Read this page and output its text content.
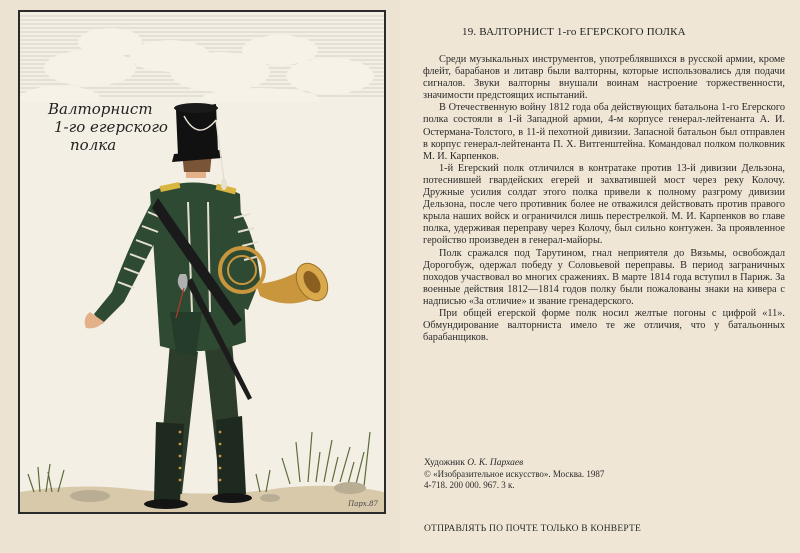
Валторнист
1-го егерского
полка
Парх.87
19. ВАЛТОРНИСТ 1-го ЕГЕРСКОГО ПОЛКА

Среди музыкальных инструментов, употреблявшихся в русской армии, кроме флейт, барабанов и литавр были валторны, которые использовались для подачи сигналов. Звуки валторны внушали воинам настроение торжественности, значимости предстоящих испытаний.

В Отечественную войну 1812 года оба действующих батальона 1-го Егерского полка состояли в 1-й Западной армии, 4-м корпусе генерал-лейтенанта А. И. Остермана-Толстого, в 11-й пехотной дивизии. Запасной батальон был отправлен в корпус генерал-лейтенанта П. Х. Витгенштейна. Командовал полком полковник М. И. Карпенков.

1-й Егерский полк отличился в контратаке против 13-й дивизии Дельзона, потеснившей гвардейских егерей и захватившей мост через реку Колочу. Дружные усилия солдат этого полка привели к полному разгрому дивизии Дельзона, после чего противник более не отважился действовать против правого крыла наших войск и ограничился лишь перестрелкой. М. И. Карпенков во главе полка, удерживая переправу через Колочу, был сильно контужен. За проявленное геройство произведен в генерал-майоры.

Полк сражался под Тарутином, гнал неприятеля до Вязьмы, освобождал Дорогобуж, одержал победу у Соловьевой переправы. В период заграничных походов участвовал во многих сражениях. В марте 1814 года вступил в Париж. За военные действия 1812—1814 годов полку были пожалованы знаки на кивера с надписью «За отличие» и звание гренадерского.

При общей егерской форме полк носил желтые погоны с цифрой «11». Обмундирование валторниста имело те же отличия, что у батальонных барабанщиков.

Художник О. К. Пархаев
© «Изобразительное искусство». Москва. 1987
4-718. 200 000. 967. 3 к.
ОТПРАВЛЯТЬ ПО ПОЧТЕ ТОЛЬКО В КОНВЕРТЕ
